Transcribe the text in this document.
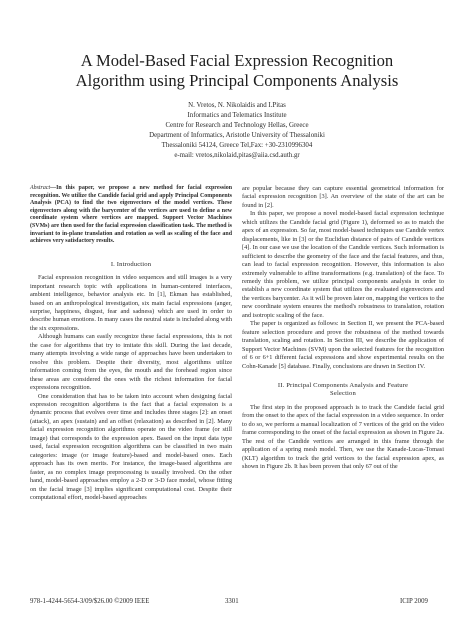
A Model-Based Facial Expression Recognition
Algorithm using Principal Components Analysis
N. Vretos, N. Nikolaidis and I.Pitas
Informatics and Telematics Institute
Centre for Research and Technology Hellas, Greece
Department of Informatics, Aristotle University of Thessaloniki
Thessaloniki 54124, Greece Tel,Fax: +30-2310996304
e-mail: vretos,nikolaid,pitas@aiia.csd.auth.gr

Abstract—In this paper, we propose a new method for facial expression recognition. We utilize the Candide facial grid and apply Principal Components Analysis (PCA) to find the two eigenvectors of the model vertices. These eigenvectors along with the barycenter of the vertices are used to define a new coordinate system where vertices are mapped. Support Vector Machines (SVMs) are then used for the facial expression classification task. The method is invariant to in-plane translation and rotation as well as scaling of the face and achieves very satisfactory results.

I. Introduction

Facial expression recognition in video sequences and still images is a very important research topic with applications in human-centered interfaces, ambient intelligence, behavior analysis etc. In [1], Ekman has established, based on an anthropological investigation, six main facial expressions (anger, surprise, happiness, disgust, fear and sadness) which are used in order to describe human emotions. In many cases the neutral state is included along with the six expressions.

Although humans can easily recognize these facial expressions, this is not the case for algorithms that try to imitate this skill. During the last decade, many attempts involving a wide range of approaches have been undertaken to resolve this problem. Despite their diversity, most algorithms utilize information coming from the eyes, the mouth and the forehead region since these areas are considered the ones with the richest information for facial expressions recognition.

One consideration that has to be taken into account when designing facial expression recognition algorithms is the fact that a facial expression is a dynamic process that evolves over time and includes three stages [2]: an onset (attack), an apex (sustain) and an offset (relaxation) as described in [2]. Many facial expression recognition algorithms operate on the video frame (or still image) that corresponds to the expression apex. Based on the input data type used, facial expression recognition algorithms can be classified in two main categories: image (or image feature)-based and model-based ones. Each approach has its own merits. For instance, the image-based algorithms are faster, as no complex image preprocessing is usually involved. On the other hand, model-based approaches employ a 2-D or 3-D face model, whose fitting on the facial image [3] implies significant computational cost. Despite their computational effort, model-based approaches

are popular because they can capture essential geometrical information for facial expression recognition [3]. An overview of the state of the art can be found in [2].

In this paper, we propose a novel model-based facial expression technique which utilizes the Candide facial grid (Figure 1), deformed so as to match the apex of an expression. So far, most model-based techniques use Candide vertex displacements, like in [3] or the Euclidian distance of pairs of Candide vertices [4]. In our case we use the location of the Candide vertices. Such information is sufficient to describe the geometry of the face and the facial features, and thus, can lead to facial expression recognition. However, this information is also extremely vulnerable to affine transformations (e.g. translation) of the face. To remedy this problem, we utilize principal components analysis in order to establish a new coordinate system that utilizes the evaluated eigenvectors and the vertices barycenter. As it will be proven later on, mapping the vertices to the new coordinate system ensures the method's robustness to translation, rotation and isotropic scaling of the face.

The paper is organized as follows: in Section II, we present the PCA-based feature selection procedure and prove the robustness of the method towards translation, scaling and rotation. In Section III, we describe the application of Support Vector Machines (SVM) upon the selected features for the recognition of 6 or 6+1 different facial expressions and show experimental results on the Cohn-Kanade [5] database. Finally, conclusions are drawn in Section IV.

II. Principal Components Analysis and Feature
Selection

The first step in the proposed approach is to track the Candide facial grid from the onset to the apex of the facial expression in a video sequence. In order to do so, we perform a manual localization of 7 vertices of the grid on the video frame corresponding to the onset of the facial expression as shown in Figure 2a. The rest of the Candide vertices are arranged in this frame through the application of a spring mesh model. Then, we use the Kanade-Lucas-Tomasi (KLT) algorithm to track the grid vertices to the facial expression apex, as shown in Figure 2b. It has been proven that only 67 out of the

978-1-4244-5654-3/09/$26.00 ©2009 IEEE	3301	ICIP 2009
